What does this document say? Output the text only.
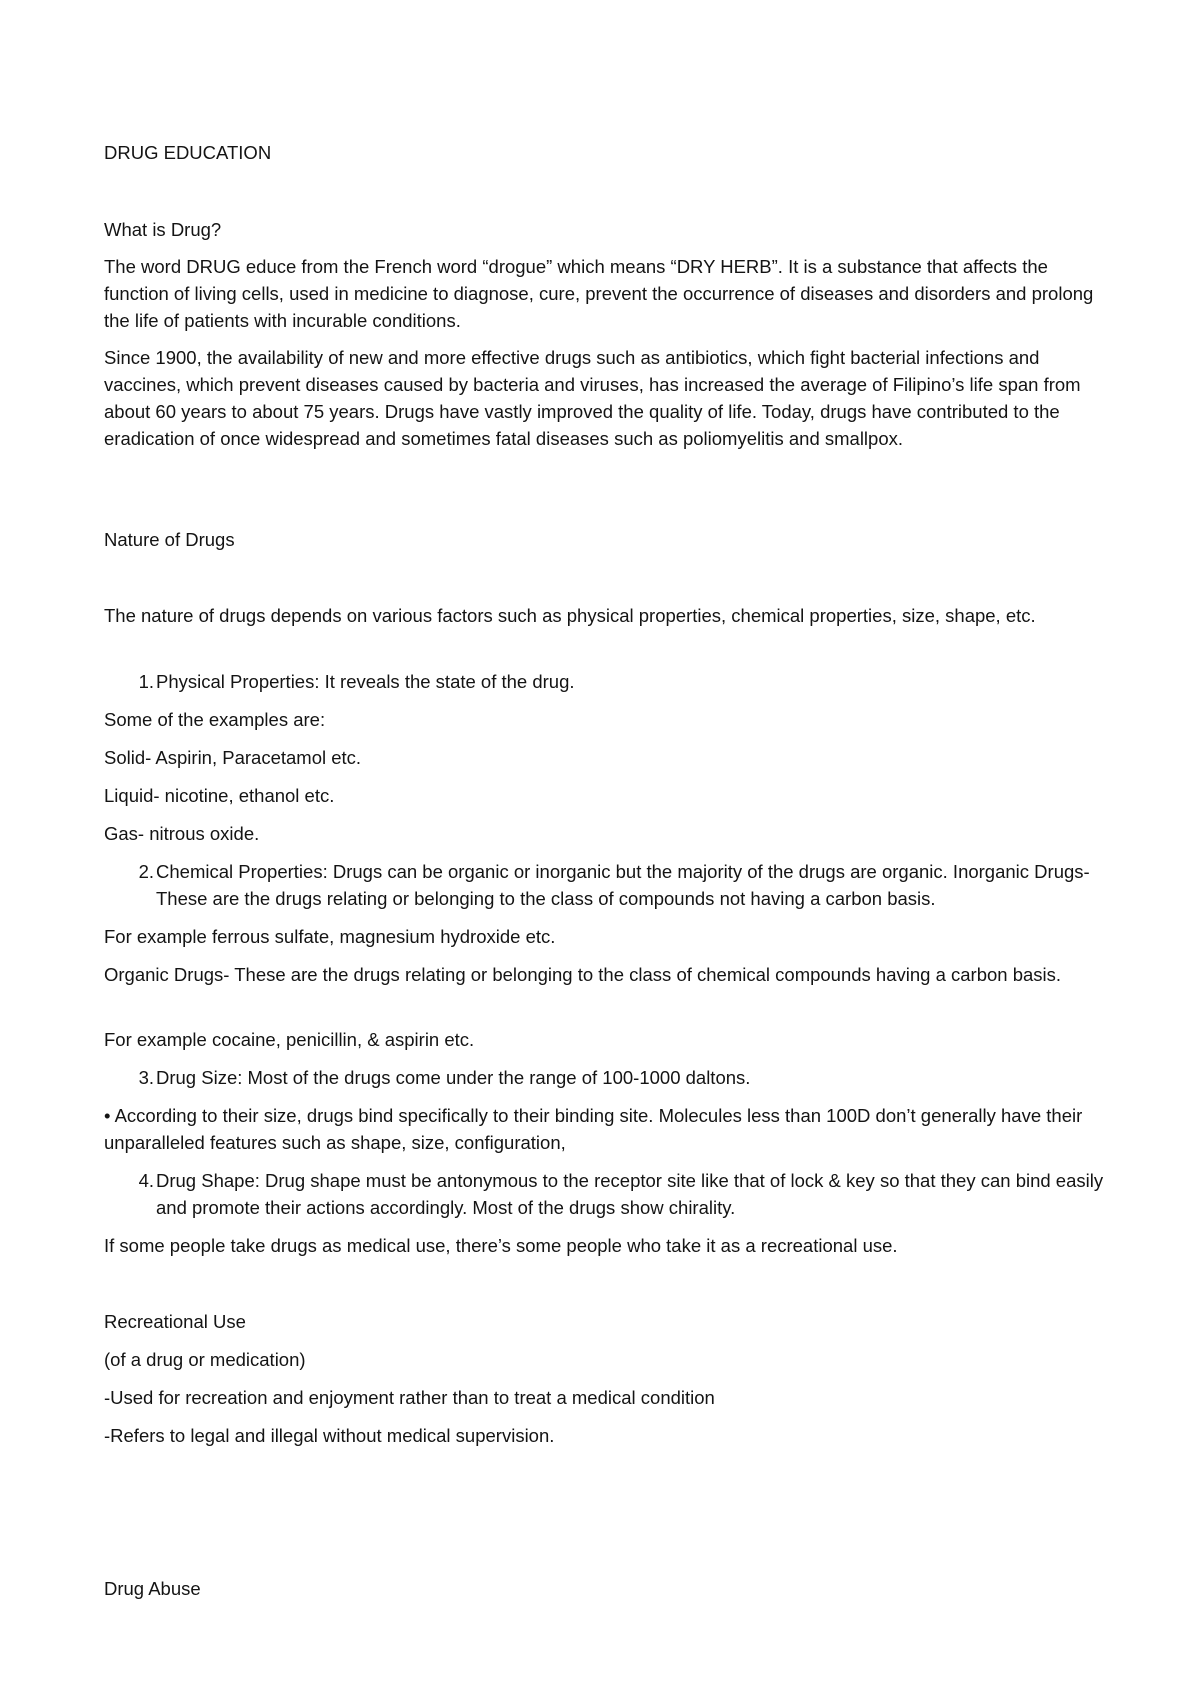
DRUG EDUCATION
What is Drug?

The word DRUG educe from the French word “drogue” which means “DRY HERB”. It is a substance that affects the function of living cells, used in medicine to diagnose, cure, prevent the occurrence of diseases and disorders and prolong the life of patients with incurable conditions.

Since 1900, the availability of new and more effective drugs such as antibiotics, which fight bacterial infections and vaccines, which prevent diseases caused by bacteria and viruses, has increased the average of Filipino’s life span from about 60 years to about 75 years. Drugs have vastly improved the quality of life. Today, drugs have contributed to the eradication of once widespread and sometimes fatal diseases such as poliomyelitis and smallpox.

Nature of Drugs

The nature of drugs depends on various factors such as physical properties, chemical properties, size, shape, etc.

1. Physical Properties: It reveals the state of the drug.
Some of the examples are:
Solid- Aspirin, Paracetamol etc.
Liquid- nicotine, ethanol etc.
Gas- nitrous oxide.
2. Chemical Properties: Drugs can be organic or inorganic but the majority of the drugs are organic. Inorganic Drugs- These are the drugs relating or belonging to the class of compounds not having a carbon basis.
For example ferrous sulfate, magnesium hydroxide etc.

Organic Drugs- These are the drugs relating or belonging to the class of chemical compounds having a carbon basis.

For example cocaine, penicillin, & aspirin etc.
3. Drug Size: Most of the drugs come under the range of 100-1000 daltons.

• According to their size, drugs bind specifically to their binding site. Molecules less than 100D don’t generally have their unparalleled features such as shape, size, configuration,

4. Drug Shape: Drug shape must be antonymous to the receptor site like that of lock & key so that they can bind easily and promote their actions accordingly. Most of the drugs show chirality.
If some people take drugs as medical use, there’s some people who take it as a recreational use.
Recreational Use
(of a drug or medication)
-Used for recreation and enjoyment rather than to treat a medical condition
-Refers to legal and illegal without medical supervision.
Drug Abuse
